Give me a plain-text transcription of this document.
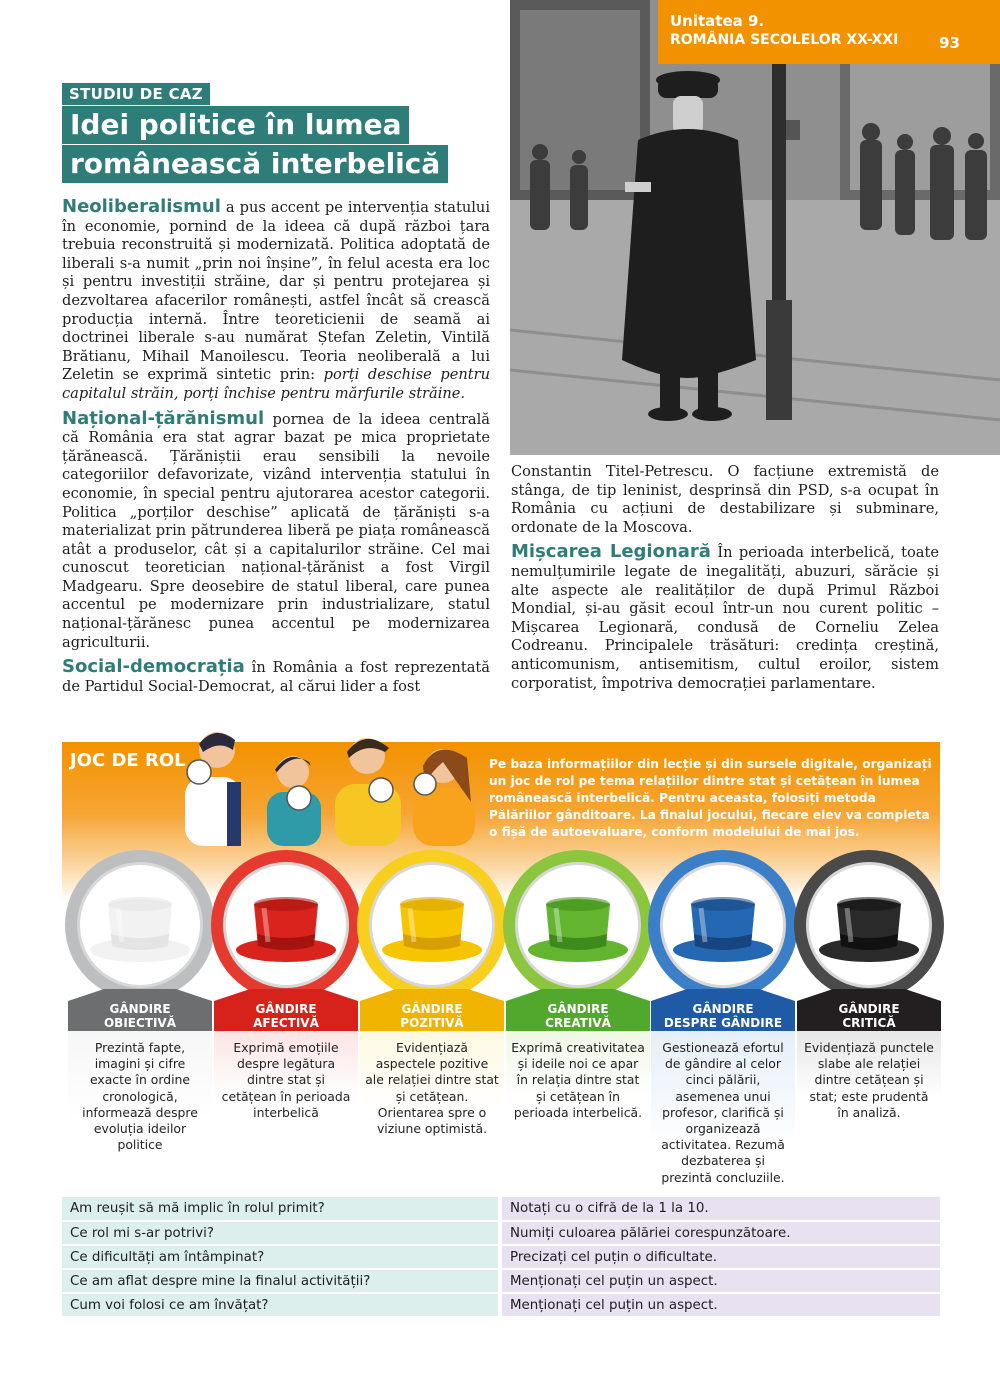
Unitatea 9.
ROMÂNIA SECOLELOR XX-XXI	93
STUDIU DE CAZ
Idei politice în lumea
românească interbelică

Neoliberalismul a pus accent pe intervenția statului în economie, pornind de la ideea că după război țara trebuia reconstruită și modernizată. Politica adoptată de liberali s-a numit „prin noi înșine”, în felul acesta era loc și pentru investiții străine, dar și pentru protejarea și dezvoltarea afacerilor românești, astfel încât să crească producția internă. Între teoreticienii de seamă ai doctrinei liberale s-au numărat Ștefan Zeletin, Vintilă Brătianu, Mihail Manoilescu. Teoria neoliberală a lui Zeletin se exprimă sintetic prin: porți deschise pentru capitalul străin, porți închise pentru mărfurile străine.

Național-țărănismul pornea de la ideea centrală că România era stat agrar bazat pe mica proprietate țărănească. Țărăniștii erau sensibili la nevoile categoriilor defavorizate, vizând intervenția statului în economie, în special pentru ajutorarea acestor categorii. Politica „porților deschise” aplicată de țărăniști s-a materializat prin pătrunderea liberă pe piața românească atât a produselor, cât și a capitalurilor străine. Cel mai cunoscut teoretician național-țărănist a fost Virgil Madgearu. Spre deosebire de statul liberal, care punea accentul pe modernizare prin industrializare, statul național-țărănesc punea accentul pe modernizarea agriculturii.

Social-democrația în România a fost reprezentată de Partidul Social-Democrat, al cărui lider a fost

Constantin Titel-Petrescu. O facțiune extremistă de stânga, de tip leninist, desprinsă din PSD, s-a ocupat în România cu acțiuni de destabilizare și subminare, ordonate de la Moscova.

Mișcarea Legionară În perioada interbelică, toate nemulțumirile legate de inegalități, abuzuri, sărăcie și alte aspecte ale realităților de după Primul Război Mondial, și-au găsit ecoul într-un nou curent politic – Mișcarea Legionară, condusă de Corneliu Zelea Codreanu. Principalele trăsături: credința creștină, anticomunism, antisemitism, cultul eroilor, sistem corporatist, împotriva democrației parlamentare.

JOC DE ROL	Pe baza informațiilor din lecție și din sursele digitale, organizați un joc de rol pe tema relațiilor dintre stat și cetățean în lumea românească interbelică. Pentru aceasta, folosiți metoda Pălăriilor gânditoare. La finalul jocului, fiecare elev va completa o fișă de autoevaluare, conform modelului de mai jos.
GÂNDIRE
OBIECTIVĂ
Prezintă fapte, imagini și cifre exacte în ordine cronologică, informează despre evoluția ideilor politice
GÂNDIRE
AFECTIVĂ
Exprimă emoțiile despre legătura dintre stat și cetățean în perioada interbelică
GÂNDIRE
POZITIVĂ
Evidențiază aspectele pozitive ale relației dintre stat și cetățean. Orientarea spre o viziune optimistă.
GÂNDIRE
CREATIVĂ
Exprimă creativitatea și ideile noi ce apar în relația dintre stat și cetățean în perioada interbelică.
GÂNDIRE
DESPRE GÂNDIRE
Gestionează efortul de gândire al celor cinci pălării, asemenea unui profesor, clarifică și organizează activitatea. Rezumă dezbaterea și prezintă concluziile.
GÂNDIRE
CRITICĂ
Evidențiază punctele slabe ale relației dintre cetățean și stat; este prudentă în analiză.
Am reușit să mă implic în rolul primit?	Notați cu o cifră de la 1 la 10.
Ce rol mi s-ar potrivi?	Numiți culoarea pălăriei corespunzătoare.
Ce dificultăți am întâmpinat?	Precizați cel puțin o dificultate.
Ce am aflat despre mine la finalul activității?	Menționați cel puțin un aspect.
Cum voi folosi ce am învățat?	Menționați cel puțin un aspect.
